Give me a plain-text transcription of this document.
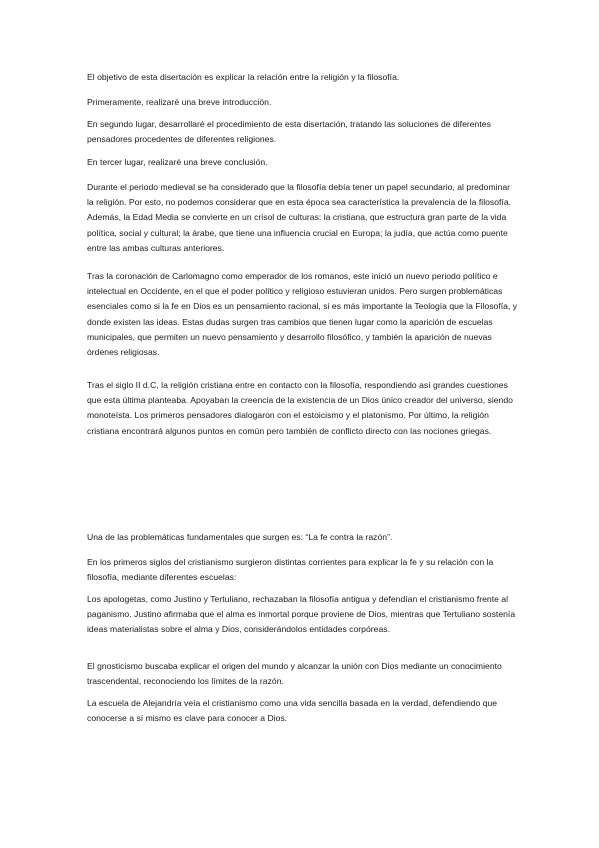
El objetivo de esta disertación es explicar la relación entre la religión y la filosofía.

Primeramente, realizaré una breve introducción.

En segundo lugar, desarrollaré el procedimiento de esta disertación, tratando las soluciones de diferentes pensadores procedentes de diferentes religiones.

En tercer lugar, realizaré una breve conclusión.

Durante el periodo medieval se ha considerado que la filosofía debía tener un papel secundario, al predominar la religión. Por esto, no podemos considerar que en esta época sea característica la prevalencia de la filosofía. Además, la Edad Media se convierte en un crisol de culturas: la cristiana, que estructura gran parte de la vida política, social y cultural; la árabe, que tiene una influencia crucial en Europa; la judía, que actúa como puente entre las ambas culturas anteriores.

Tras la coronación de Carlomagno como emperador de los romanos, este inició un nuevo periodo político e intelectual en Occidente, en el que el poder político y religioso estuvieran unidos. Pero surgen problemáticas esenciales como si la fe en Dios es un pensamiento racional, si es más importante la Teología que la Filosofía, y donde existen las ideas. Estas dudas surgen tras cambios que tienen lugar como la aparición de escuelas municipales, que permiten un nuevo pensamiento y desarrollo filosófico, y también la aparición de nuevas órdenes religiosas.

Tras el siglo II d.C, la religión cristiana entre en contacto con la filosofía, respondiendo así grandes cuestiones que esta última planteaba. Apoyaban la creencia de la existencia de un Dios único creador del universo, siendo monoteísta. Los primeros pensadores dialogaron con el estoicismo y el platonismo. Por último, la religión cristiana encontrará algunos puntos en común pero también de conflicto directo con las nociones griegas.

Una de las problemáticas fundamentales que surgen es: “La fe contra la razón”.

En los primeros siglos del cristianismo surgieron distintas corrientes para explicar la fe y su relación con la filosofía, mediante diferentes escuelas:

Los apologetas, como Justino y Tertuliano, rechazaban la filosofía antigua y defendían el cristianismo frente al paganismo. Justino afirmaba que el alma es inmortal porque proviene de Dios, mientras que Tertuliano sostenía ideas materialistas sobre el alma y Dios, considerándolos entidades corpóreas.

El gnosticismo buscaba explicar el origen del mundo y alcanzar la unión con Dios mediante un conocimiento trascendental, reconociendo los límites de la razón.

La escuela de Alejandría veía el cristianismo como una vida sencilla basada en la verdad, defendiendo que conocerse a sí mismo es clave para conocer a Dios.
